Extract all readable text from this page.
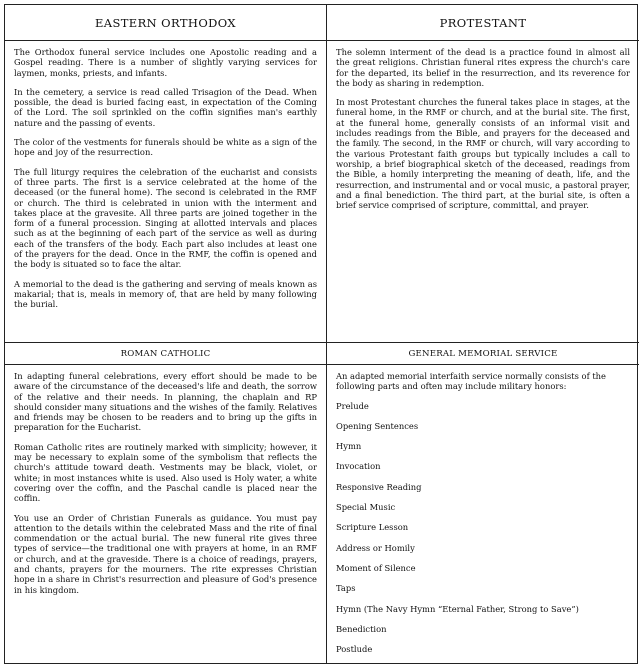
EASTERN ORTHODOX	PROTESTANT

The Orthodox funeral service includes one Apostolic reading and a Gospel reading. There is a number of slightly varying services for laymen, monks, priests, and infants.

In the cemetery, a service is read called Trisagion of the Dead. When possible, the dead is buried facing east, in expectation of the Coming of the Lord. The soil sprinkled on the coffin signifies man's earthly nature and the passing of events.

The color of the vestments for funerals should be white as a sign of the hope and joy of the resurrection.

The full liturgy requires the celebration of the eucharist and consists of three parts. The first is a service celebrated at the home of the deceased (or the funeral home). The second is celebrated in the RMF or church. The third is celebrated in union with the interment and takes place at the gravesite. All three parts are joined together in the form of a funeral procession. Singing at allotted intervals and places such as at the beginning of each part of the service as well as during each of the transfers of the body. Each part also includes at least one of the prayers for the dead. Once in the RMF, the coffin is opened and the body is situated so to face the altar.

A memorial to the dead is the gathering and serving of meals known as makarial; that is, meals in memory of, that are held by many following the burial.

The solemn interment of the dead is a practice found in almost all the great religions. Christian funeral rites express the church's care for the departed, its belief in the resurrection, and its reverence for the body as sharing in redemption.

In most Protestant churches the funeral takes place in stages, at the funeral home, in the RMF or church, and at the burial site. The first, at the funeral home, generally consists of an informal visit and includes readings from the Bible, and prayers for the deceased and the family. The second, in the RMF or church, will vary according to the various Protestant faith groups but typically includes a call to worship, a brief biographical sketch of the deceased, readings from the Bible, a homily interpreting the meaning of death, life, and the resurrection, and instrumental and or vocal music, a pastoral prayer, and a final benediction. The third part, at the burial site, is often a brief service comprised of scripture, committal, and prayer.

ROMAN CATHOLIC	GENERAL MEMORIAL SERVICE

In adapting funeral celebrations, every effort should be made to be aware of the circumstance of the deceased's life and death, the sorrow of the relative and their needs. In planning, the chaplain and RP should consider many situations and the wishes of the family. Relatives and friends may be chosen to be readers and to bring up the gifts in preparation for the Eucharist.

Roman Catholic rites are routinely marked with simplicity; however, it may be necessary to explain some of the symbolism that reflects the church's attitude toward death. Vestments may be black, violet, or white; in most instances white is used. Also used is Holy water, a white covering over the coffin, and the Paschal candle is placed near the coffin.

You use an Order of Christian Funerals as guidance. You must pay attention to the details within the celebrated Mass and the rite of final commendation or the actual burial. The new funeral rite gives three types of service—the traditional one with prayers at home, in an RMF or church, and at the graveside. There is a choice of readings, prayers, and chants, prayers for the mourners. The rite expresses Christian hope in a share in Christ's resurrection and pleasure of God's presence in his kingdom.

An adapted memorial interfaith service normally consists of the following parts and often may include military honors:

Prelude
Opening Sentences
Hymn
Invocation
Responsive Reading
Special Music
Scripture Lesson
Address or Homily
Moment of Silence
Taps
Hymn (The Navy Hymn “Eternal Father, Strong to Save”)
Benediction
Postlude
